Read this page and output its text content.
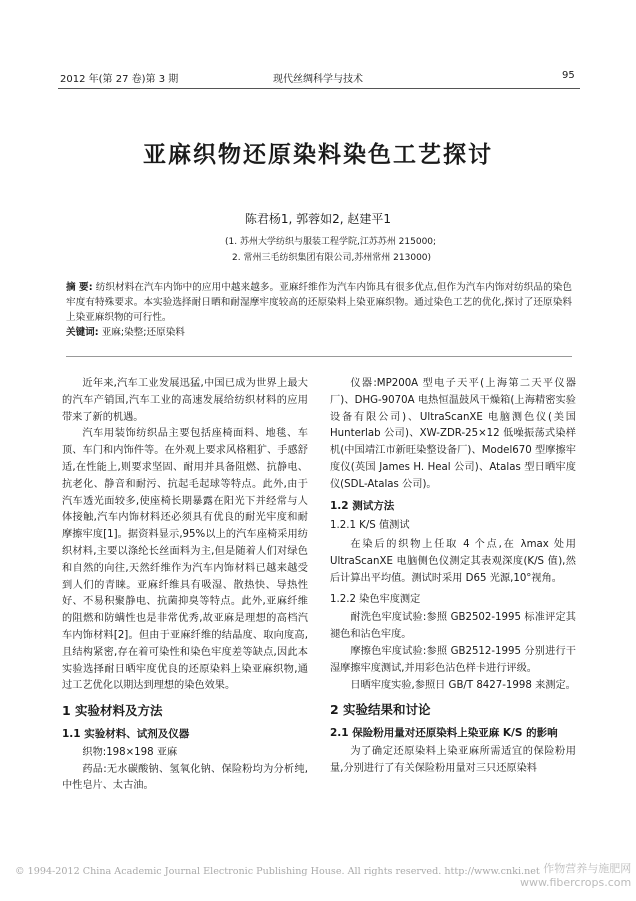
2012 年(第 27 卷)第 3 期	现代丝绸科学与技术	95
亚麻织物还原染料染色工艺探讨
陈君杨1, 郭蓉如2, 赵建平1
(1. 苏州大学纺织与服装工程学院,江苏苏州 215000;
2. 常州三毛纺织集团有限公司,苏州常州 213000)
摘 要: 纺织材料在汽车内饰中的应用中越来越多。亚麻纤维作为汽车内饰具有很多优点,但作为汽车内饰对纺织品的染色牢度有特殊要求。本实验选择耐日晒和耐湿摩牢度较高的还原染料上染亚麻织物。通过染色工艺的优化,探讨了还原染料上染亚麻织物的可行性。
关键词: 亚麻;染整;还原染料

近年来,汽车工业发展迅猛,中国已成为世界上最大的汽车产销国,汽车工业的高速发展给纺织材料的应用带来了新的机遇。

汽车用装饰纺织品主要包括座椅面料、地毯、车顶、车门和内饰件等。在外观上要求风格粗犷、手感舒适,在性能上,则要求坚固、耐用并具备阻燃、抗静电、抗老化、静音和耐污、抗起毛起球等特点。此外,由于汽车透光面较多,使座椅长期暴露在阳光下并经常与人体接触,汽车内饰材料还必须具有优良的耐光牢度和耐摩擦牢度[1]。据资料显示,95%以上的汽车座椅采用纺织材料,主要以涤纶长丝面料为主,但是随着人们对绿色和自然的向往,天然纤维作为汽车内饰材料已越来越受到人们的青睐。亚麻纤维具有吸湿、散热快、导热性好、不易积聚静电、抗菌抑臭等特点。此外,亚麻纤维的阻燃和防螨性也是非常优秀,故亚麻是理想的高档汽车内饰材料[2]。但由于亚麻纤维的结晶度、取向度高,且结构紧密,存在着可染性和染色牢度差等缺点,因此本实验选择耐日晒牢度优良的还原染料上染亚麻织物,通过工艺优化以期达到理想的染色效果。

1 实验材料及方法

1.1 实验材料、试剂及仪器

织物:198×198 亚麻

药品:无水碳酸钠、氢氧化钠、保险粉均为分析纯,中性皂片、太古油。

仪器:MP200A 型电子天平(上海第二天平仪器厂)、DHG-9070A 电热恒温鼓风干燥箱(上海精密实验设备有限公司)、UltraScanXE 电脑测色仪(美国 Hunterlab 公司)、XW-ZDR-25×12 低噪振荡式染样机(中国靖江市新旺染整设备厂)、Model670 型摩擦牢度仪(英国 James H. Heal 公司)、Atalas 型日晒牢度仪(SDL-Atalas 公司)。

1.2 测试方法

1.2.1 K/S 值测试

在染后的织物上任取 4 个点,在 λmax 处用 UltraScanXE 电脑侧色仪测定其表观深度(K/S 值),然后计算出平均值。测试时采用 D65 光源,10°视角。

1.2.2 染色牢度测定

耐洗色牢度试验:参照 GB2502-1995 标准评定其褪色和沾色牢度。

摩擦色牢度试验:参照 GB2512-1995 分别进行干湿摩擦牢度测试,并用彩色沾色样卡进行评级。

日晒牢度实验,参照日 GB/T 8427-1998 来测定。

2 实验结果和讨论

2.1 保险粉用量对还原染料上染亚麻 K/S 的影响

为了确定还原染料上染亚麻所需适宜的保险粉用量,分别进行了有关保险粉用量对三只还原染料

© 1994-2012 China Academic Journal Electronic Publishing House. All rights reserved. http://www.cnki.net 作物营养与施肥网
www.fibercrops.com
